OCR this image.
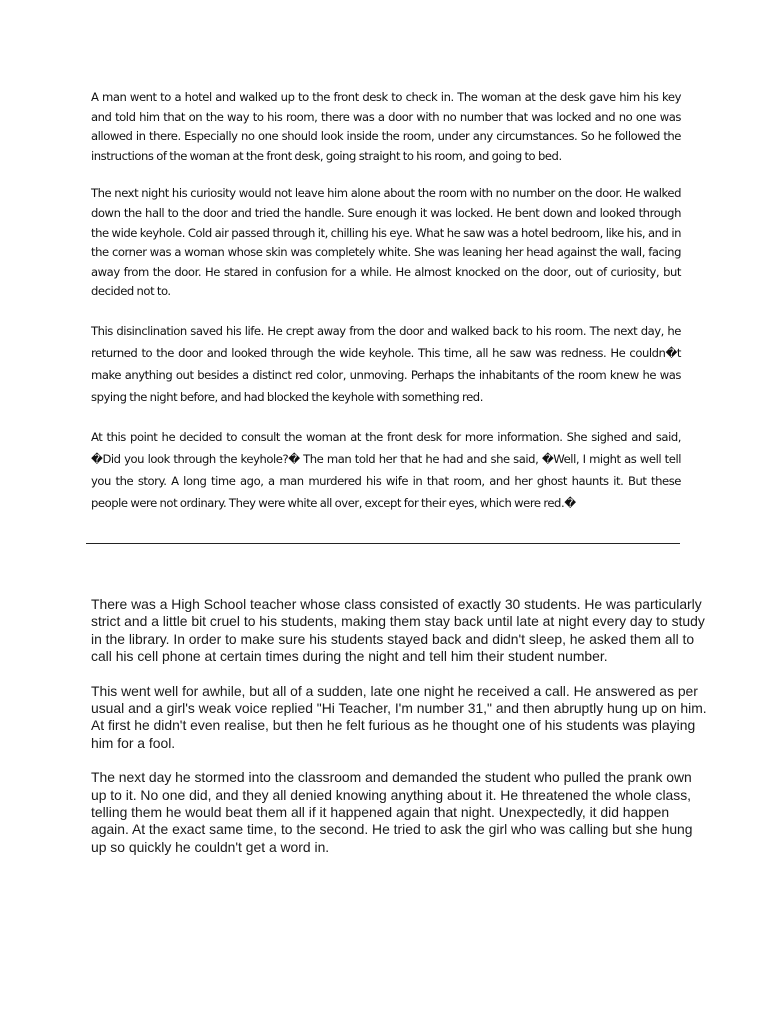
A man went to a hotel and walked up to the front desk to check in. The woman at the desk gave him his key and told him that on the way to his room, there was a door with no number that was locked and no one was allowed in there. Especially no one should look inside the room, under any circumstances. So he followed the instructions of the woman at the front desk, going straight to his room, and going to bed.

The next night his curiosity would not leave him alone about the room with no number on the door. He walked down the hall to the door and tried the handle. Sure enough it was locked. He bent down and looked through the wide keyhole. Cold air passed through it, chilling his eye. What he saw was a hotel bedroom, like his, and in the corner was a woman whose skin was completely white. She was leaning her head against the wall, facing away from the door. He stared in confusion for a while. He almost knocked on the door, out of curiosity, but decided not to.

This disinclination saved his life. He crept away from the door and walked back to his room. The next day, he returned to the door and looked through the wide keyhole. This time, all he saw was redness. He couldn�t make anything out besides a distinct red color, unmoving. Perhaps the inhabitants of the room knew he was spying the night before, and had blocked the keyhole with something red.

At this point he decided to consult the woman at the front desk for more information. She sighed and said, �Did you look through the keyhole?� The man told her that he had and she said, �Well, I might as well tell you the story. A long time ago, a man murdered his wife in that room, and her ghost haunts it. But these people were not ordinary. They were white all over, except for their eyes, which were red.�

There was a High School teacher whose class consisted of exactly 30 students. He was particularly strict and a little bit cruel to his students, making them stay back until late at night every day to study in the library. In order to make sure his students stayed back and didn't sleep, he asked them all to call his cell phone at certain times during the night and tell him their student number.

This went well for awhile, but all of a sudden, late one night he received a call. He answered as per usual and a girl's weak voice replied "Hi Teacher, I'm number 31," and then abruptly hung up on him. At first he didn't even realise, but then he felt furious as he thought one of his students was playing him for a fool.

The next day he stormed into the classroom and demanded the student who pulled the prank own up to it. No one did, and they all denied knowing anything about it. He threatened the whole class, telling them he would beat them all if it happened again that night. Unexpectedly, it did happen again. At the exact same time, to the second. He tried to ask the girl who was calling but she hung up so quickly he couldn't get a word in.
